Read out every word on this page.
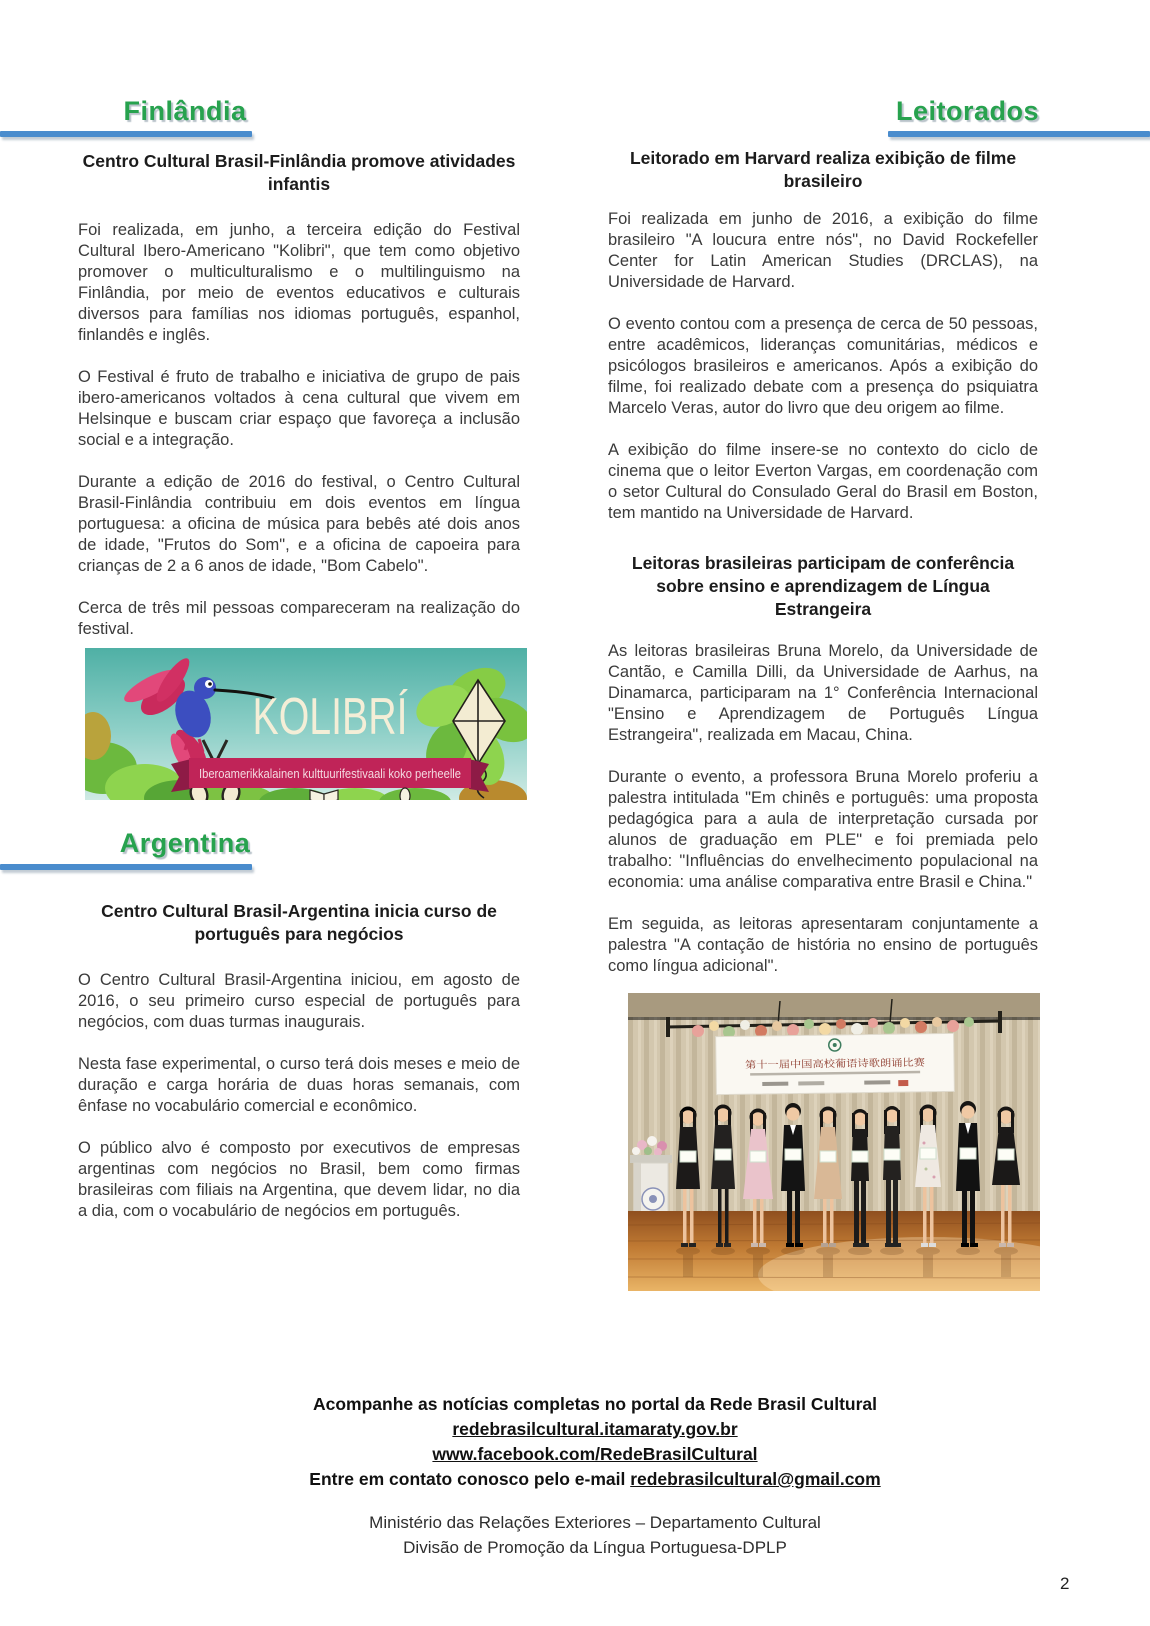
Finlândia	Leitorados
Argentina
Centro Cultural Brasil-Finlândia promove atividades infantis

Foi realizada, em junho, a terceira edição do Festival Cultural Ibero-Americano "Kolibri", que tem como objetivo promover o multiculturalismo e o multilinguismo na Finlândia, por meio de eventos educativos e culturais diversos para famílias nos idiomas português, espanhol, finlandês e inglês.

O Festival é fruto de trabalho e iniciativa de grupo de pais ibero-americanos voltados à cena cultural que vivem em Helsinque e buscam criar espaço que favoreça a inclusão social e a integração.

Durante a edição de 2016 do festival, o Centro Cultural Brasil-Finlândia contribuiu em dois eventos em língua portuguesa: a oficina de música para bebês até dois anos de idade, "Frutos do Som", e a oficina de capoeira para crianças de 2 a 6 anos de idade, "Bom Cabelo".

Cerca de três mil pessoas compareceram na realização do festival.

KOLIBRÍ
Iberoamerikkalainen kulttuurifestivaali koko perheelle
Centro Cultural Brasil-Argentina inicia curso de português para negócios

O Centro Cultural Brasil-Argentina iniciou, em agosto de 2016, o seu primeiro curso especial de português para negócios, com duas turmas inaugurais.

Nesta fase experimental, o curso terá dois meses e meio de duração e carga horária de duas horas semanais, com ênfase no vocabulário comercial e econômico.

O público alvo é composto por executivos de empresas argentinas com negócios no Brasil, bem como firmas brasileiras com filiais na Argentina, que devem lidar, no dia a dia, com o vocabulário de negócios em português.

Leitorado em Harvard realiza exibição de filme brasileiro

Foi realizada em junho de 2016, a exibição do filme brasileiro "A loucura entre nós", no David Rockefeller Center for Latin American Studies (DRCLAS), na Universidade de Harvard.

O evento contou com a presença de cerca de 50 pessoas, entre acadêmicos, lideranças comunitárias, médicos e psicólogos brasileiros e americanos. Após a exibição do filme, foi realizado debate com a presença do psiquiatra Marcelo Veras, autor do livro que deu origem ao filme.

A exibição do filme insere-se no contexto do ciclo de cinema que o leitor Everton Vargas, em coordenação com o setor Cultural do Consulado Geral do Brasil em Boston, tem mantido na Universidade de Harvard.

Leitoras brasileiras participam de conferência sobre ensino e aprendizagem de Língua Estrangeira

As leitoras brasileiras Bruna Morelo, da Universidade de Cantão, e Camilla Dilli, da Universidade de Aarhus, na Dinamarca, participaram na 1° Conferência Internacional "Ensino e Aprendizagem de Português Língua Estrangeira", realizada em Macau, China.

Durante o evento, a professora Bruna Morelo proferiu a palestra intitulada "Em chinês e português: uma proposta pedagógica para a aula de interpretação cursada por alunos de graduação em PLE" e foi premiada pelo trabalho: "Influências do envelhecimento populacional na economia: uma análise comparativa entre Brasil e China."

Em seguida, as leitoras apresentaram conjuntamente a palestra "A contação de história no ensino de português como língua adicional".

第十一届中国高校葡语诗歌朗诵比赛
Acompanhe as notícias completas no portal da Rede Brasil Cultural
redebrasilcultural.itamaraty.gov.br
www.facebook.com/RedeBrasilCultural
Entre em contato conosco pelo e-mail redebrasilcultural@gmail.com
Ministério das Relações Exteriores – Departamento Cultural
Divisão de Promoção da Língua Portuguesa-DPLP
2
